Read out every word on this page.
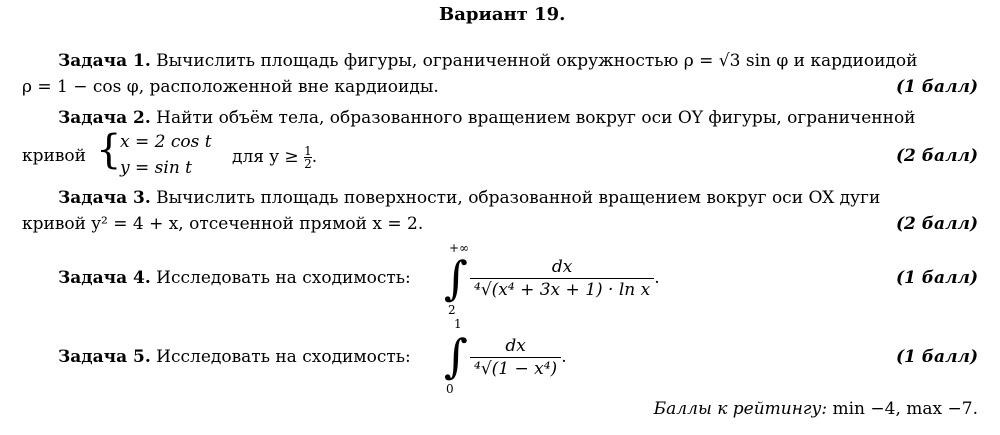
Вариант 19.
Задача 1. Вычислить площадь фигуры, ограниченной окружностью ρ = √3 sin φ и кардиоидой
ρ = 1 − cos φ, расположенной вне кардиоиды.	(1 балл)
Задача 2. Найти объём тела, образованного вращением вокруг оси OY фигуры, ограниченной
кривой {
x = 2 cos t
y = sin t
для $y \ge \frac{1}{2}$ .	(2 балл)
Задача 3. Вычислить площадь поверхности, образованной вращением вокруг оси OX дуги
кривой y² = 4 + x, отсеченной прямой x = 2.	(2 балл)
Задача 4. Исследовать на сходимость:
+∞
∫
2
$\frac{dx}{\text{⁴√(x⁴ + 3x + 1) · ln x}}$ .	(1 балл)
Задача 5. Исследовать на сходимость:
1
∫
0
$\frac{dx}{\text{⁴√(1 − x⁴)}}$ .	(1 балл)
Баллы к рейтингу: min −4, max −7.
